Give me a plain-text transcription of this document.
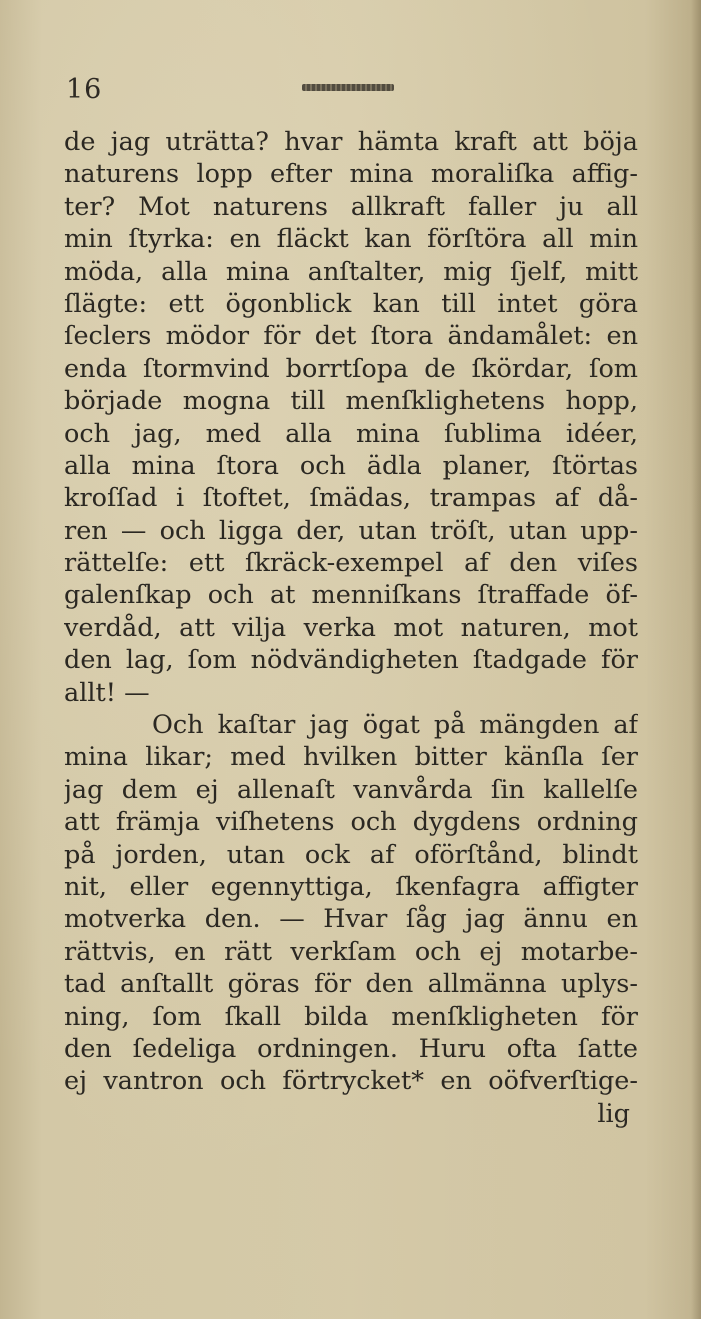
16
de jag uträtta? hvar hämta kraft att böja
naturens lopp efter mina moraliſka affig-
ter? Mot naturens allkraft faller ju all
min ſtyrka: en fläckt kan förſtöra all min
möda, alla mina anſtalter, mig ſjelf, mitt
ſlägte: ett ögonblick kan till intet göra
ſeclers mödor för det ſtora ändamålet: en
enda ſtormvind borrtſopa de ſkördar, ſom
började mogna till menſklighetens hopp,
och jag, med alla mina ſublima idéer,
alla mina ſtora och ädla planer, ſtörtas
kroſſad i ſtoftet, ſmädas, trampas af då-
ren — och ligga der, utan tröſt, utan upp-
rättelſe: ett ſkräck-exempel af den viſes
galenſkap och at menniſkans ſtraffade öf-
verdåd, att vilja verka mot naturen, mot
den lag, ſom nödvändigheten ſtadgade för
allt! —
Och kaſtar jag ögat på mängden af
mina likar; med hvilken bitter känſla ſer
jag dem ej allenaſt vanvårda ſin kallelſe
att främja viſhetens och dygdens ordning
på jorden, utan ock af oförſtånd, blindt
nit, eller egennyttiga, ſkenfagra affigter
motverka den. — Hvar ſåg jag ännu en
rättvis, en rätt verkſam och ej motarbe-
tad anſtallt göras för den allmänna uplys-
ning, ſom ſkall bilda menſkligheten för
den ſedeliga ordningen. Huru ofta ſatte
ej vantron och förtrycket* en oöfverſtige-
lig
